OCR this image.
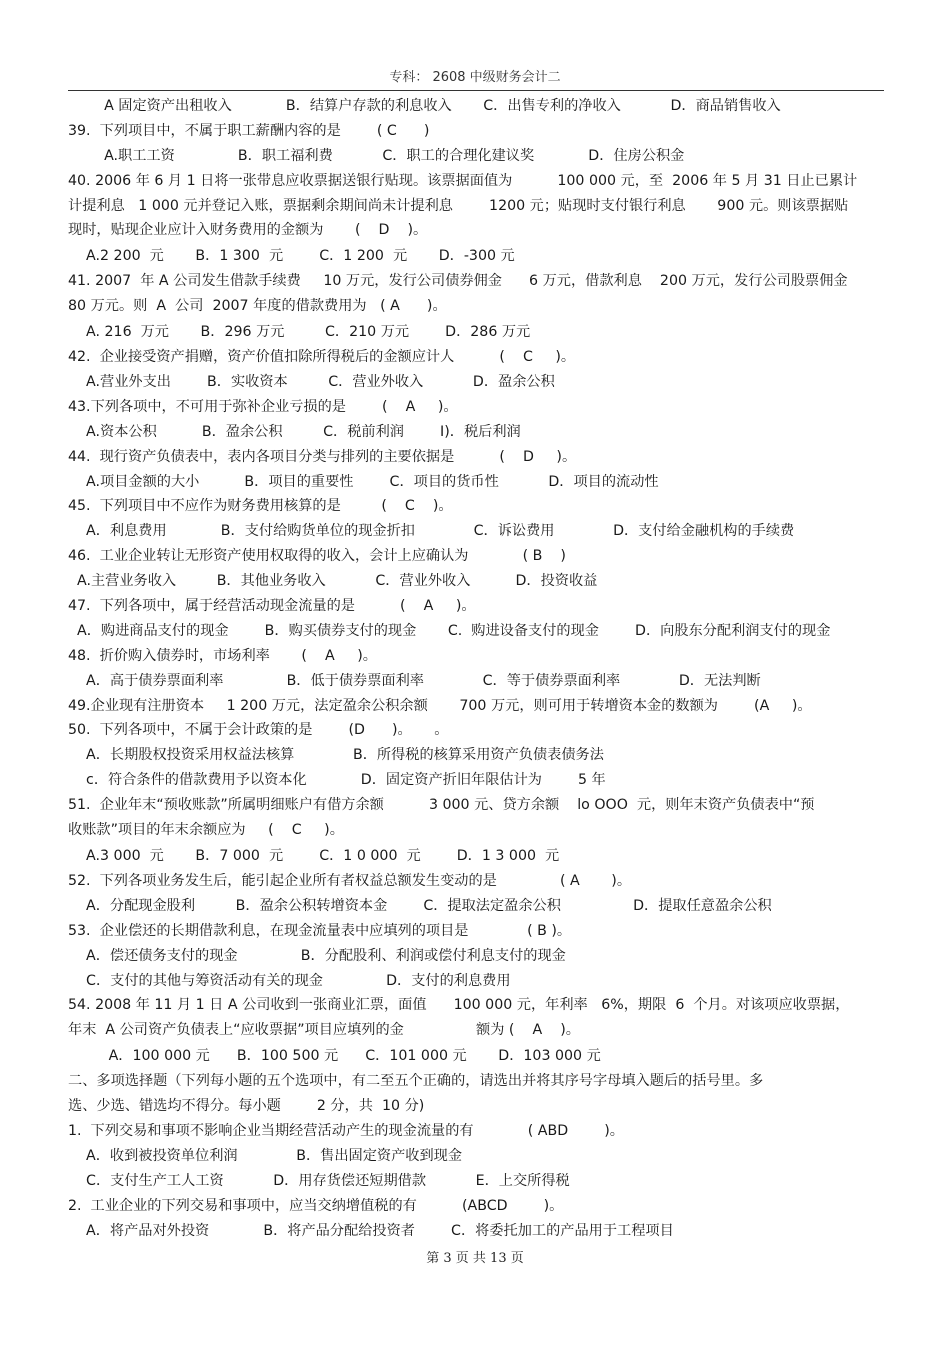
专科： 2608 中级财务会计二
A 固定资产出租收入            B．结算户存款的利息收入       C．出售专利的净收入           D．商品销售收入
39.  下列项目中，不属于职工薪酬内容的是        ( C      )
A.职工工资              B．职工福利费           C．职工的合理化建议奖            D．住房公积金
40. 2006 年 6 月 1 日将一张带息应收票据送银行贴现。该票据面值为          100 000 元，至  2006 年 5 月 31 日止已累计
计提利息   1 000 元并登记入账，票据剩余期间尚未计提利息        1200 元；贴现时支付银行利息       900 元。则该票据贴
现时，贴现企业应计入财务费用的金额为       (    D    )。
A.2 200  元       B．1 300  元        C．1 200  元       D．-300 元
41. 2007  年 A 公司发生借款手续费     10 万元，发行公司债券佣金      6 万元，借款利息    200 万元，发行公司股票佣金
80 万元。则  A  公司  2007 年度的借款费用为   ( A      )。
A. 216  万元       B．296 万元         C．210 万元        D．286 万元
42.  企业接受资产捐赠，资产价值扣除所得税后的金额应计人          (    C     )。
A.营业外支出        B．实收资本         C．营业外收入           D．盈余公积
43.下列各项中，不可用于弥补企业亏损的是        (    A     )。
A.资本公积          B．盈余公积         C．税前利润        I)．税后利润
44.  现行资产负债表中，表内各项目分类与排列的主要依据是          (    D     )。
A.项目金额的大小          B．项目的重要性        C．项目的货币性           D．项目的流动性
45.  下列项目中不应作为财务费用核算的是         (    C    )。
A．利息费用            B．支付给购货单位的现金折扣             C．诉讼费用             D．支付给金融机构的手续费
46.  工业企业转让无形资产使用权取得的收入，会计上应确认为            ( B    )
A.主营业务收入         B．其他业务收入           C．营业外收入          D．投资收益
47.  下列各项中，属于经营活动现金流量的是          (    A     )。
A．购进商品支付的现金        B．购买债券支付的现金       C.  购进设备支付的现金        D．向股东分配利润支付的现金
48.  折价购入债券时，市场利率       (    A     )。
A．高于债券票面利率              B．低于债券票面利率             C．等于债券票面利率             D．无法判断
49.企业现有注册资本     1 200 万元，法定盈余公积余额       700 万元，则可用于转增资本金的数额为        (A     )。
50.  下列各项中，不属于会计政策的是        (D      )。     。
A．长期股权投资采用权益法核算             B．所得税的核算采用资产负债表债务法
c．符合条件的借款费用予以资本化            D．固定资产折旧年限估计为        5 年
51.  企业年末“预收账款”所属明细账户有借方余额          3 000 元、贷方余额    lo OOO  元，则年末资产负债表中“预
收账款”项目的年末余额应为     (    C     )。
A.3 000  元       B．7 000  元        C．1 0 000  元        D．1 3 000  元
52.  下列各项业务发生后，能引起企业所有者权益总额发生变动的是              ( A       )。
A．分配现金股利         B．盈余公积转增资本金        C．提取法定盈余公积                D．提取任意盈余公积
53.  企业偿还的长期借款利息，在现金流量表中应填列的项目是             ( B )。
A．偿还债务支付的现金              B．分配股利、利润或偿付利息支付的现金
C．支付的其他与筹资活动有关的现金              D．支付的利息费用
54. 2008 年 11 月 1 日 A 公司收到一张商业汇票，面值      100 000 元，年利率   6%，期限  6  个月。对该项应收票据，
年末  A 公司资产负债表上“应收票据”项目应填列的金                额为 (    A    )。
A．100 000 元      B．100 500 元      C．101 000 元       D．103 000 元
二、多项选择题（下列每小题的五个选项中，有二至五个正确的，请选出并将其序号字母填入题后的括号里。多
选、少选、错选均不得分。每小题        2 分，共  10 分)
1.  下列交易和事项不影响企业当期经营活动产生的现金流量的有            ( ABD        )。
A．收到被投资单位利润             B．售出固定资产收到现金
C．支付生产工人工资           D．用存货偿还短期借款           E．上交所得税
2.  工业企业的下列交易和事项中，应当交纳增值税的有          (ABCD        )。
A．将产品对外投资            B．将产品分配给投资者        C．将委托加工的产品用于工程项目
第 3 页 共 13 页
